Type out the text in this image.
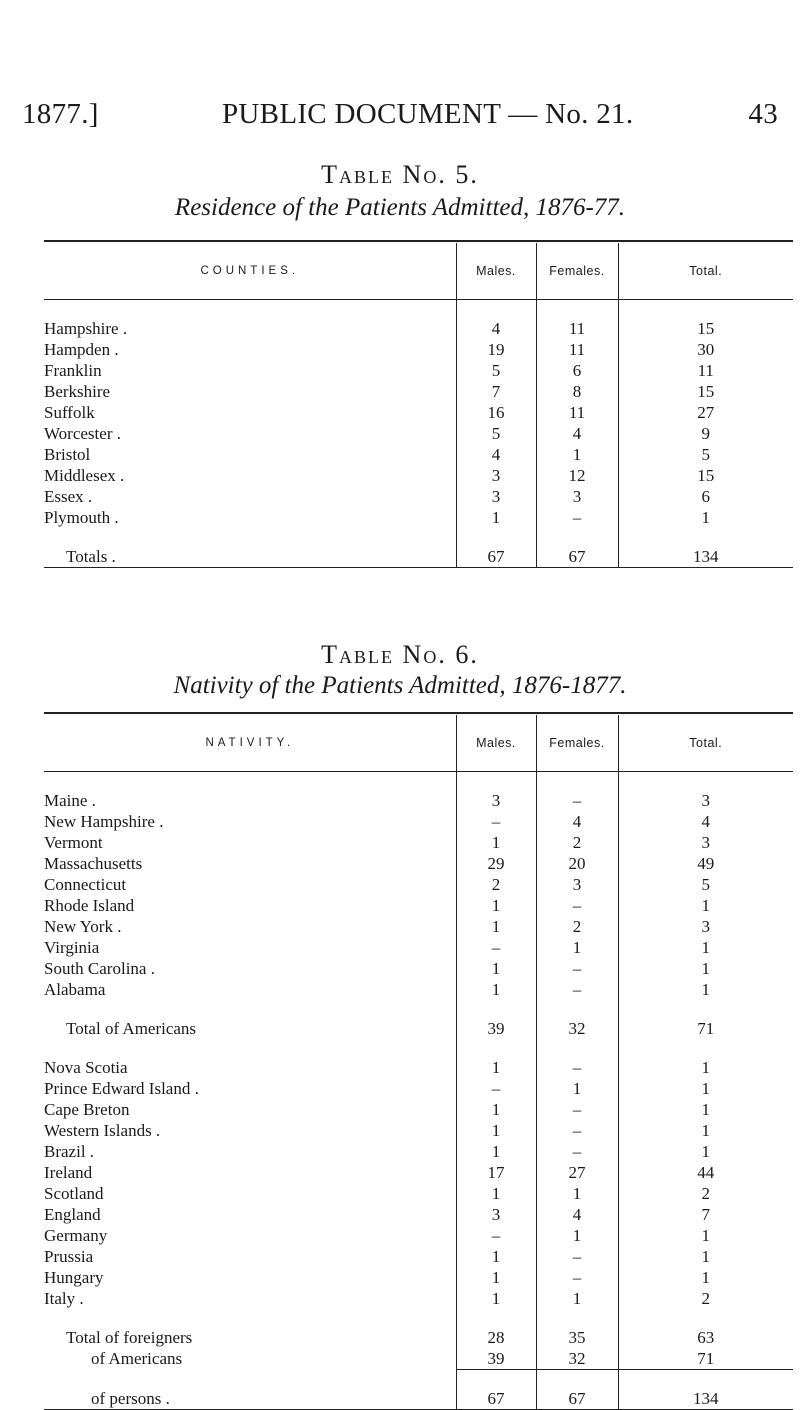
1877.]	PUBLIC DOCUMENT — No. 21.	43
Table No. 5.
Residence of the Patients Admitted, 1876-77.
COUNTIES.	Males.	Females.	Total.

Hampshire .	4	11	15
Hampden .	19	11	30
Franklin	5	6	11
Berkshire	7	8	15
Suffolk	16	11	27
Worcester .	5	4	9
Bristol	4	1	5
Middlesex .	3	12	15
Essex .	3	3	6
Plymouth .	1	–	1

Totals .	67	67	134
Table No. 6.
Nativity of the Patients Admitted, 1876-1877.
NATIVITY.	Males.	Females.	Total.

Maine .	3	–	3
New Hampshire .	–	4	4
Vermont	1	2	3
Massachusetts	29	20	49
Connecticut	2	3	5
Rhode Island	1	–	1
New York .	1	2	3
Virginia	–	1	1
South Carolina .	1	–	1
Alabama	1	–	1

Total of Americans	39	32	71

Nova Scotia	1	–	1
Prince Edward Island .	–	1	1
Cape Breton	1	–	1
Western Islands .	1	–	1
Brazil .	1	–	1
Ireland	17	27	44
Scotland	1	1	2
England	3	4	7
Germany	–	1	1
Prussia	1	–	1
Hungary	1	–	1
Italy .	1	1	2

Total of foreigners	28	35	63
of Americans	39	32	71

of persons .	67	67	134
